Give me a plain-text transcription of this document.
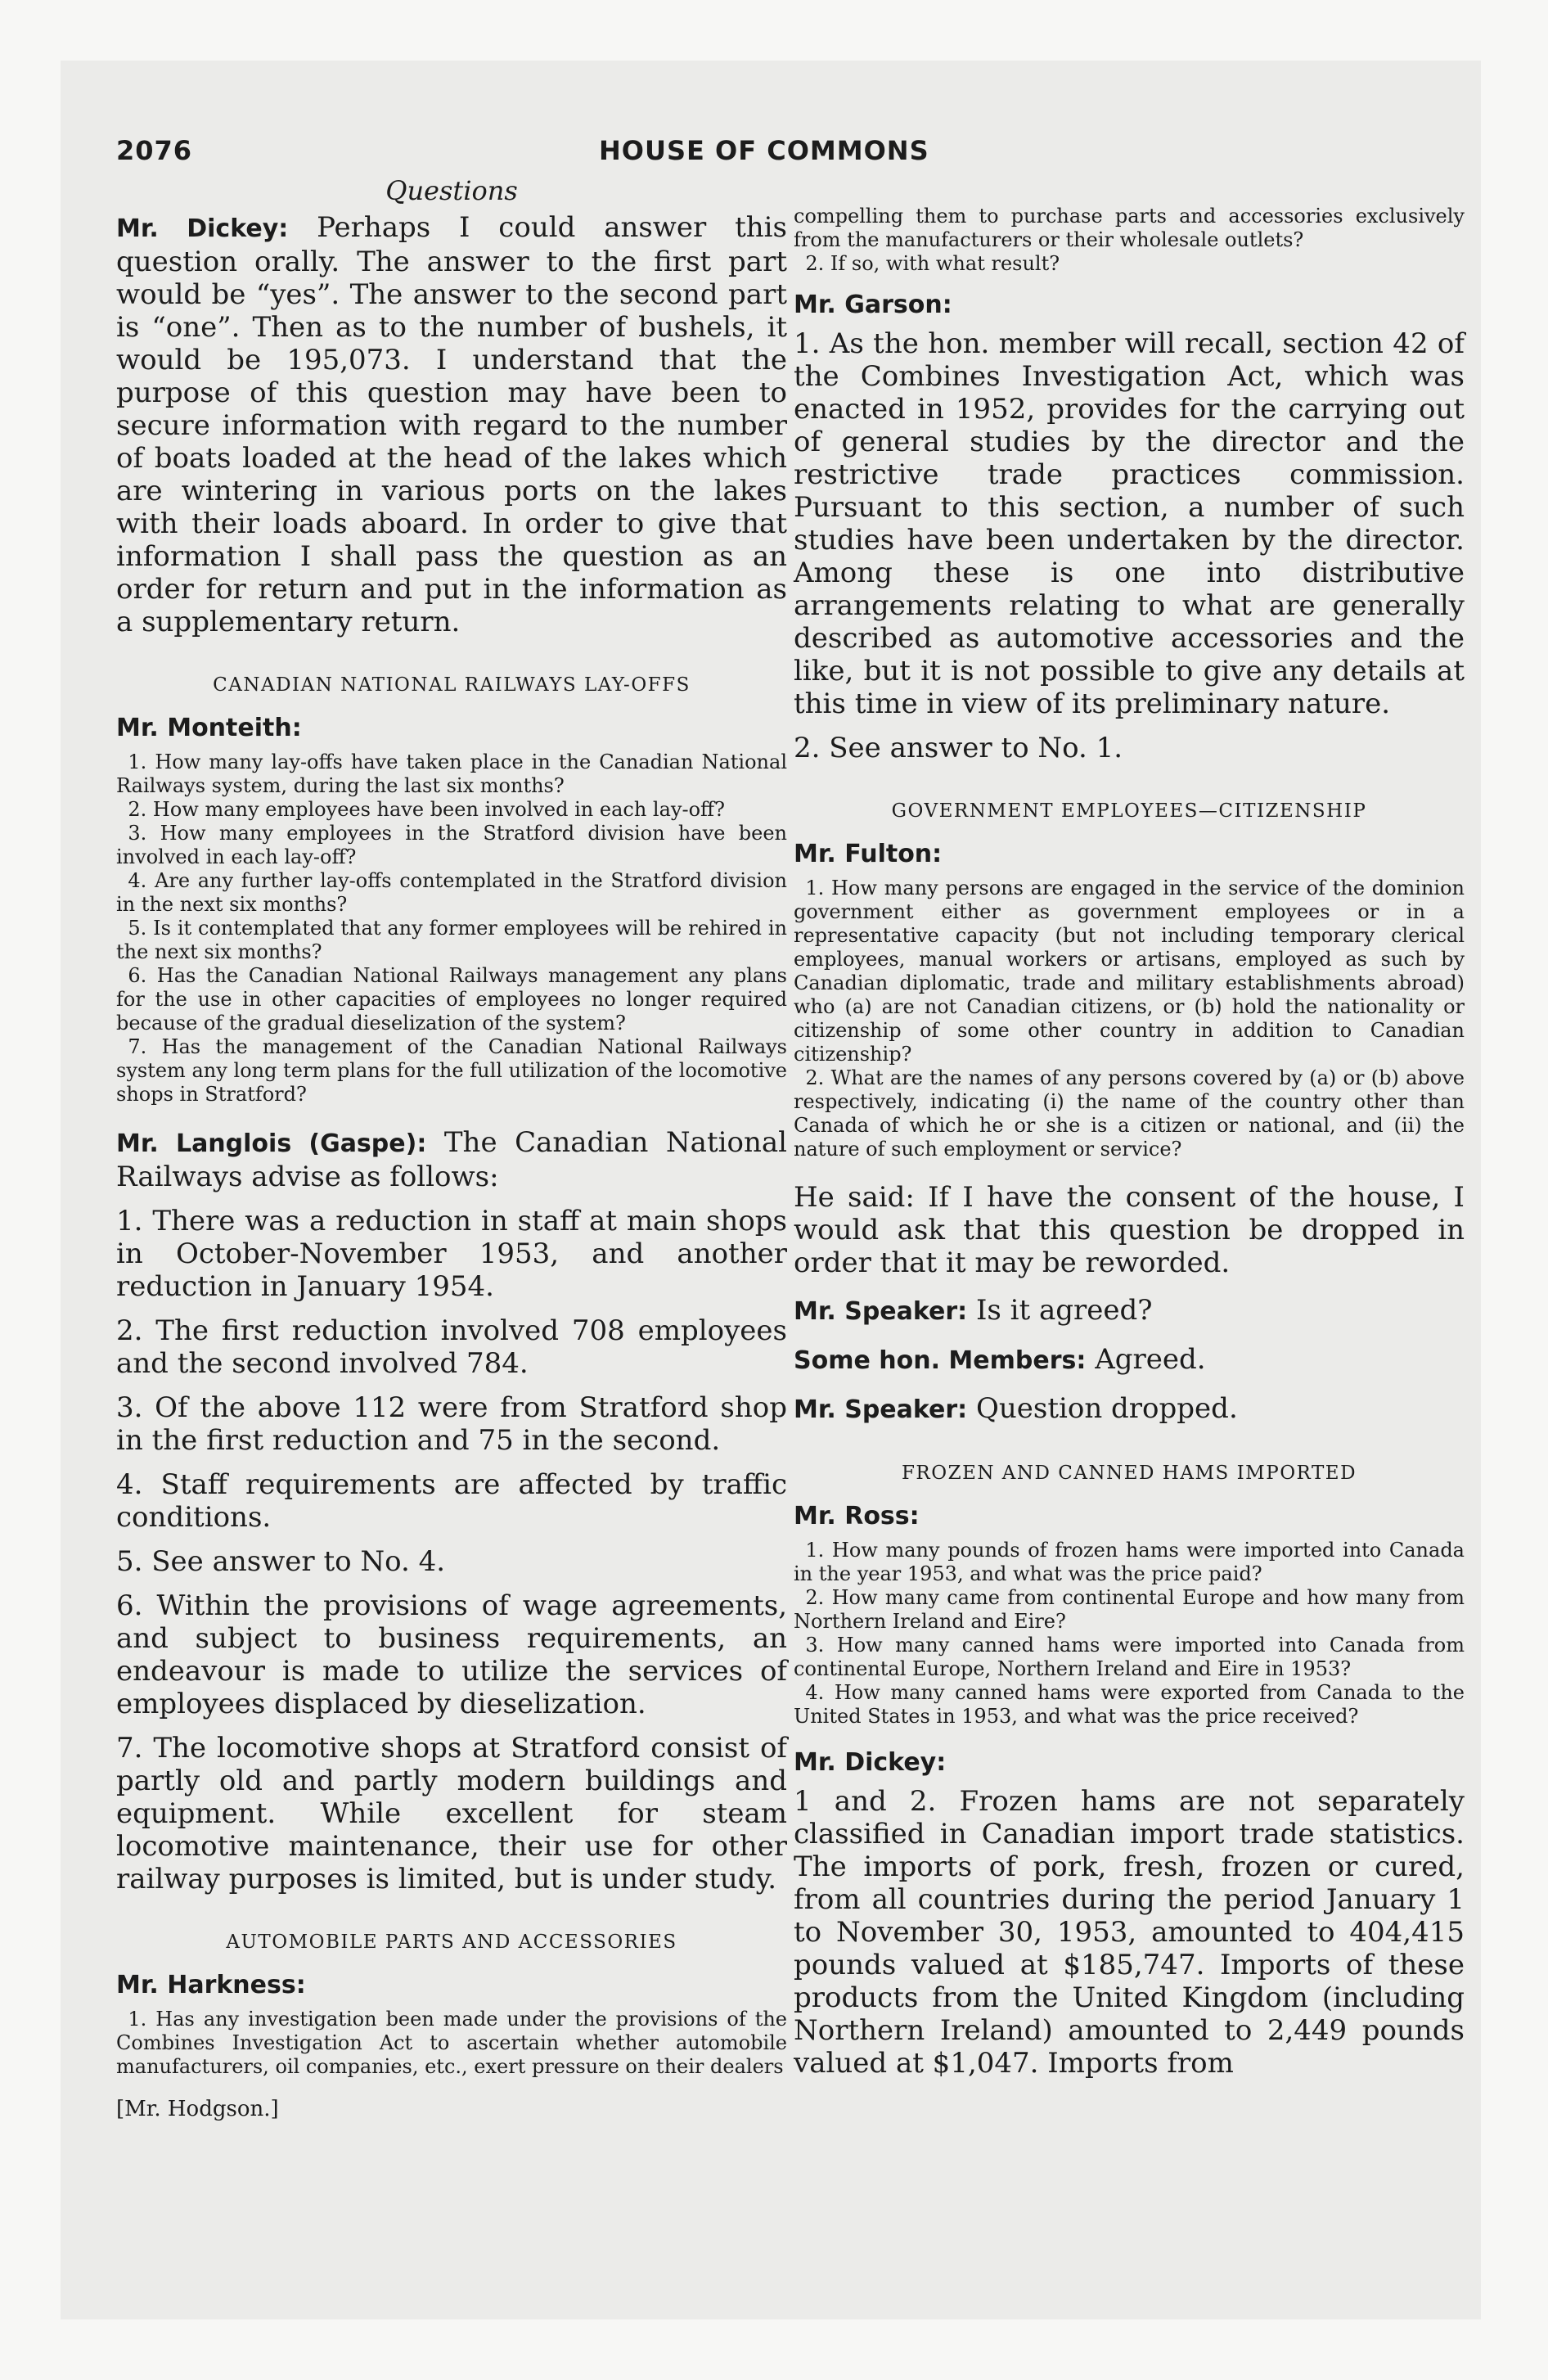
2076	HOUSE OF COMMONS
Questions

Mr. Dickey: Perhaps I could answer this question orally. The answer to the first part would be “yes”. The answer to the second part is “one”. Then as to the number of bushels, it would be 195,073. I understand that the purpose of this question may have been to secure information with regard to the number of boats loaded at the head of the lakes which are wintering in various ports on the lakes with their loads aboard. In order to give that information I shall pass the question as an order for return and put in the information as a supplementary return.

CANADIAN NATIONAL RAILWAYS LAY-OFFS
Mr. Monteith:

1. How many lay-offs have taken place in the Canadian National Railways system, during the last six months?

2. How many employees have been involved in each lay-off?

3. How many employees in the Stratford division have been involved in each lay-off?

4. Are any further lay-offs contemplated in the Stratford division in the next six months?

5. Is it contemplated that any former employees will be rehired in the next six months?

6. Has the Canadian National Railways management any plans for the use in other capacities of employees no longer required because of the gradual dieselization of the system?

7. Has the management of the Canadian National Railways system any long term plans for the full utilization of the locomotive shops in Stratford?

Mr. Langlois (Gaspe): The Canadian National Railways advise as follows:

1. There was a reduction in staff at main shops in October-November 1953, and another reduction in January 1954.

2. The first reduction involved 708 employees and the second involved 784.

3. Of the above 112 were from Stratford shop in the first reduction and 75 in the second.

4. Staff requirements are affected by traffic conditions.

5. See answer to No. 4.

6. Within the provisions of wage agreements, and subject to business requirements, an endeavour is made to utilize the services of employees displaced by dieselization.

7. The locomotive shops at Stratford consist of partly old and partly modern buildings and equipment. While excellent for steam locomotive maintenance, their use for other railway purposes is limited, but is under study.

AUTOMOBILE PARTS AND ACCESSORIES
Mr. Harkness:

1. Has any investigation been made under the provisions of the Combines Investigation Act to ascertain whether automobile manufacturers, oil companies, etc., exert pressure on their dealers

[Mr. Hodgson.]

compelling them to purchase parts and accessories exclusively from the manufacturers or their wholesale outlets?

2. If so, with what result?

Mr. Garson:

1. As the hon. member will recall, section 42 of the Combines Investigation Act, which was enacted in 1952, provides for the carrying out of general studies by the director and the restrictive trade practices commission. Pursuant to this section, a number of such studies have been undertaken by the director. Among these is one into distributive arrangements relating to what are generally described as automotive accessories and the like, but it is not possible to give any details at this time in view of its preliminary nature.

2. See answer to No. 1.

GOVERNMENT EMPLOYEES—CITIZENSHIP
Mr. Fulton:

1. How many persons are engaged in the service of the dominion government either as government employees or in a representative capacity (but not including temporary clerical employees, manual workers or artisans, employed as such by Canadian diplomatic, trade and military establishments abroad) who (a) are not Canadian citizens, or (b) hold the nationality or citizenship of some other country in addition to Canadian citizenship?

2. What are the names of any persons covered by (a) or (b) above respectively, indicating (i) the name of the country other than Canada of which he or she is a citizen or national, and (ii) the nature of such employment or service?

He said: If I have the consent of the house, I would ask that this question be dropped in order that it may be reworded.

Mr. Speaker: Is it agreed?
Some hon. Members: Agreed.
Mr. Speaker: Question dropped.
FROZEN AND CANNED HAMS IMPORTED
Mr. Ross:

1. How many pounds of frozen hams were imported into Canada in the year 1953, and what was the price paid?

2. How many came from continental Europe and how many from Northern Ireland and Eire?

3. How many canned hams were imported into Canada from continental Europe, Northern Ireland and Eire in 1953?

4. How many canned hams were exported from Canada to the United States in 1953, and what was the price received?

Mr. Dickey:

1 and 2. Frozen hams are not separately classified in Canadian import trade statistics. The imports of pork, fresh, frozen or cured, from all countries during the period January 1 to November 30, 1953, amounted to 404,415 pounds valued at $185,747. Imports of these products from the United Kingdom (including Northern Ireland) amounted to 2,449 pounds valued at $1,047. Imports from
